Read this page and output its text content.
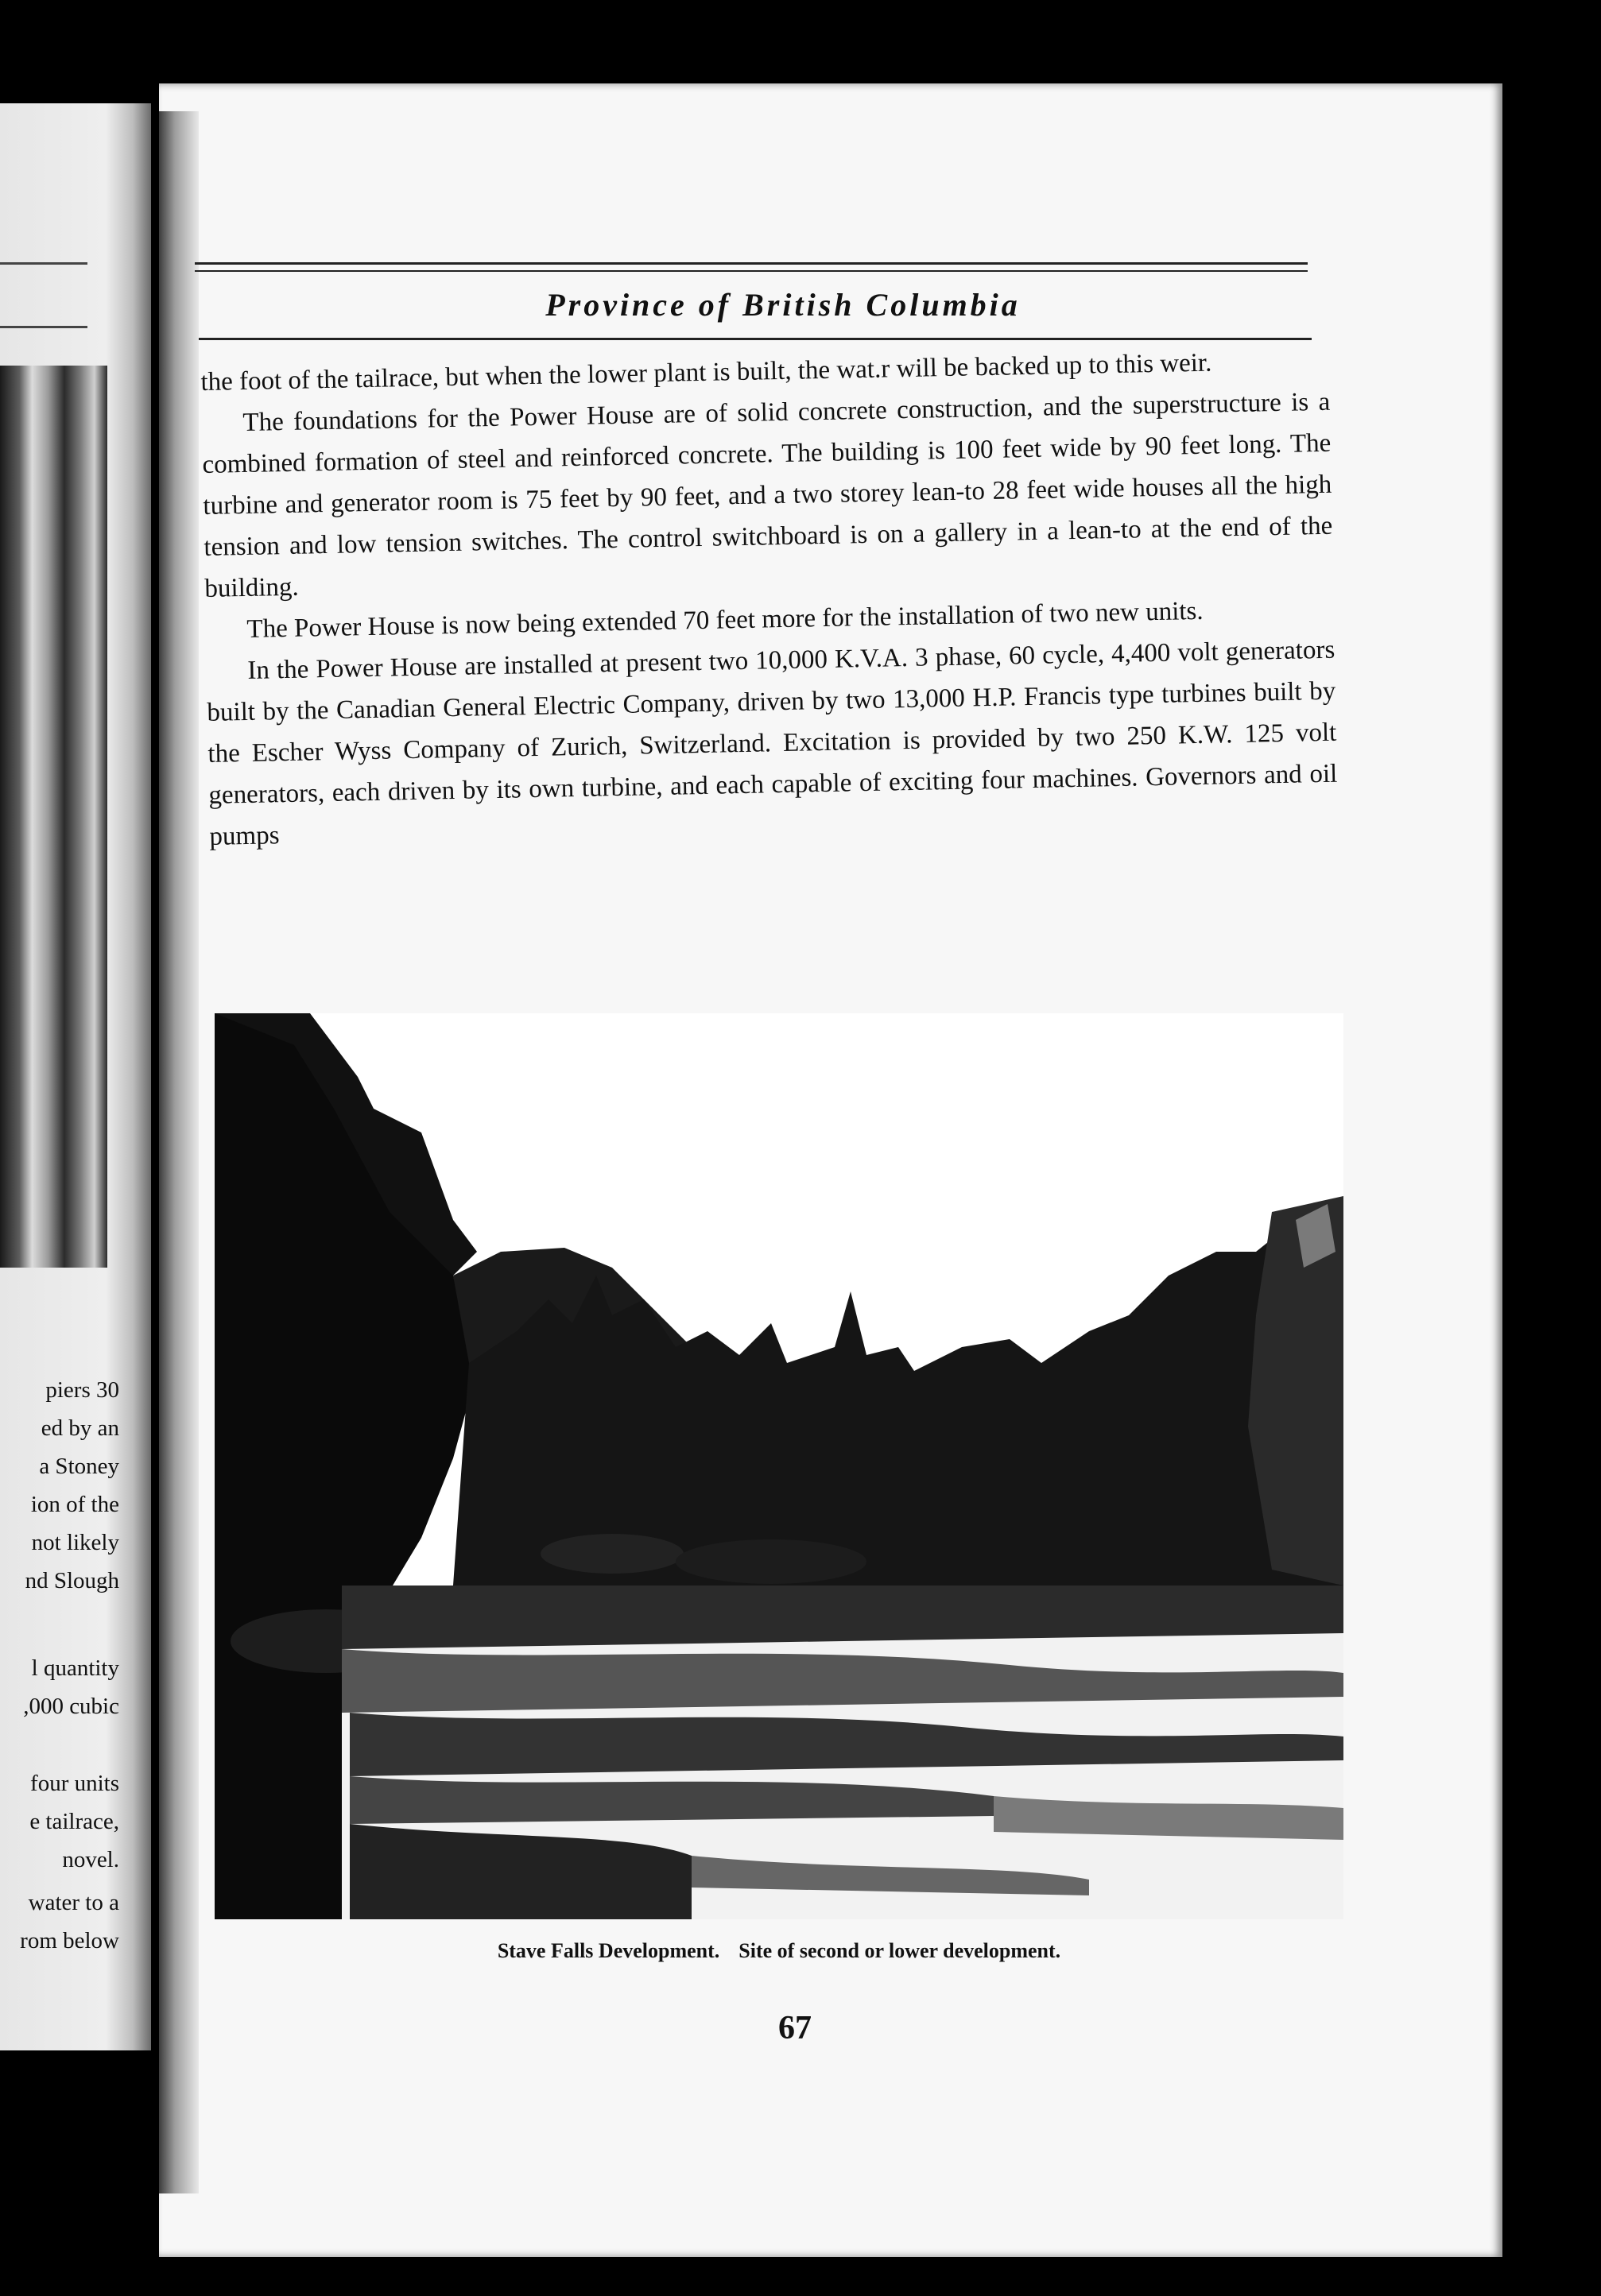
piers 30
ed by an
a Stoney
ion of the
not likely
nd Slough
l quantity
,000 cubic
four units
e tailrace,
novel.
water to a
rom below
Province of British Columbia

the foot of the tailrace, but when the lower plant is built, the wat.r will be backed up to this weir.

The foundations for the Power House are of solid concrete construction, and the superstructure is a combined formation of steel and reinforced concrete. The building is 100 feet wide by 90 feet long. The turbine and generator room is 75 feet by 90 feet, and a two storey lean-to 28 feet wide houses all the high tension and low tension switches. The control switchboard is on a gallery in a lean-to at the end of the building.

The Power House is now being extended 70 feet more for the installation of two new units.

In the Power House are installed at present two 10,000 K.V.A. 3 phase, 60 cycle, 4,400 volt generators built by the Canadian General Electric Company, driven by two 13,000 H.P. Francis type turbines built by the Escher Wyss Company of Zurich, Switzerland. Excitation is provided by two 250 K.W. 125 volt generators, each driven by its own turbine, and each capable of exciting four machines. Governors and oil pumps

Stave Falls Development. Site of second or lower development.
67
